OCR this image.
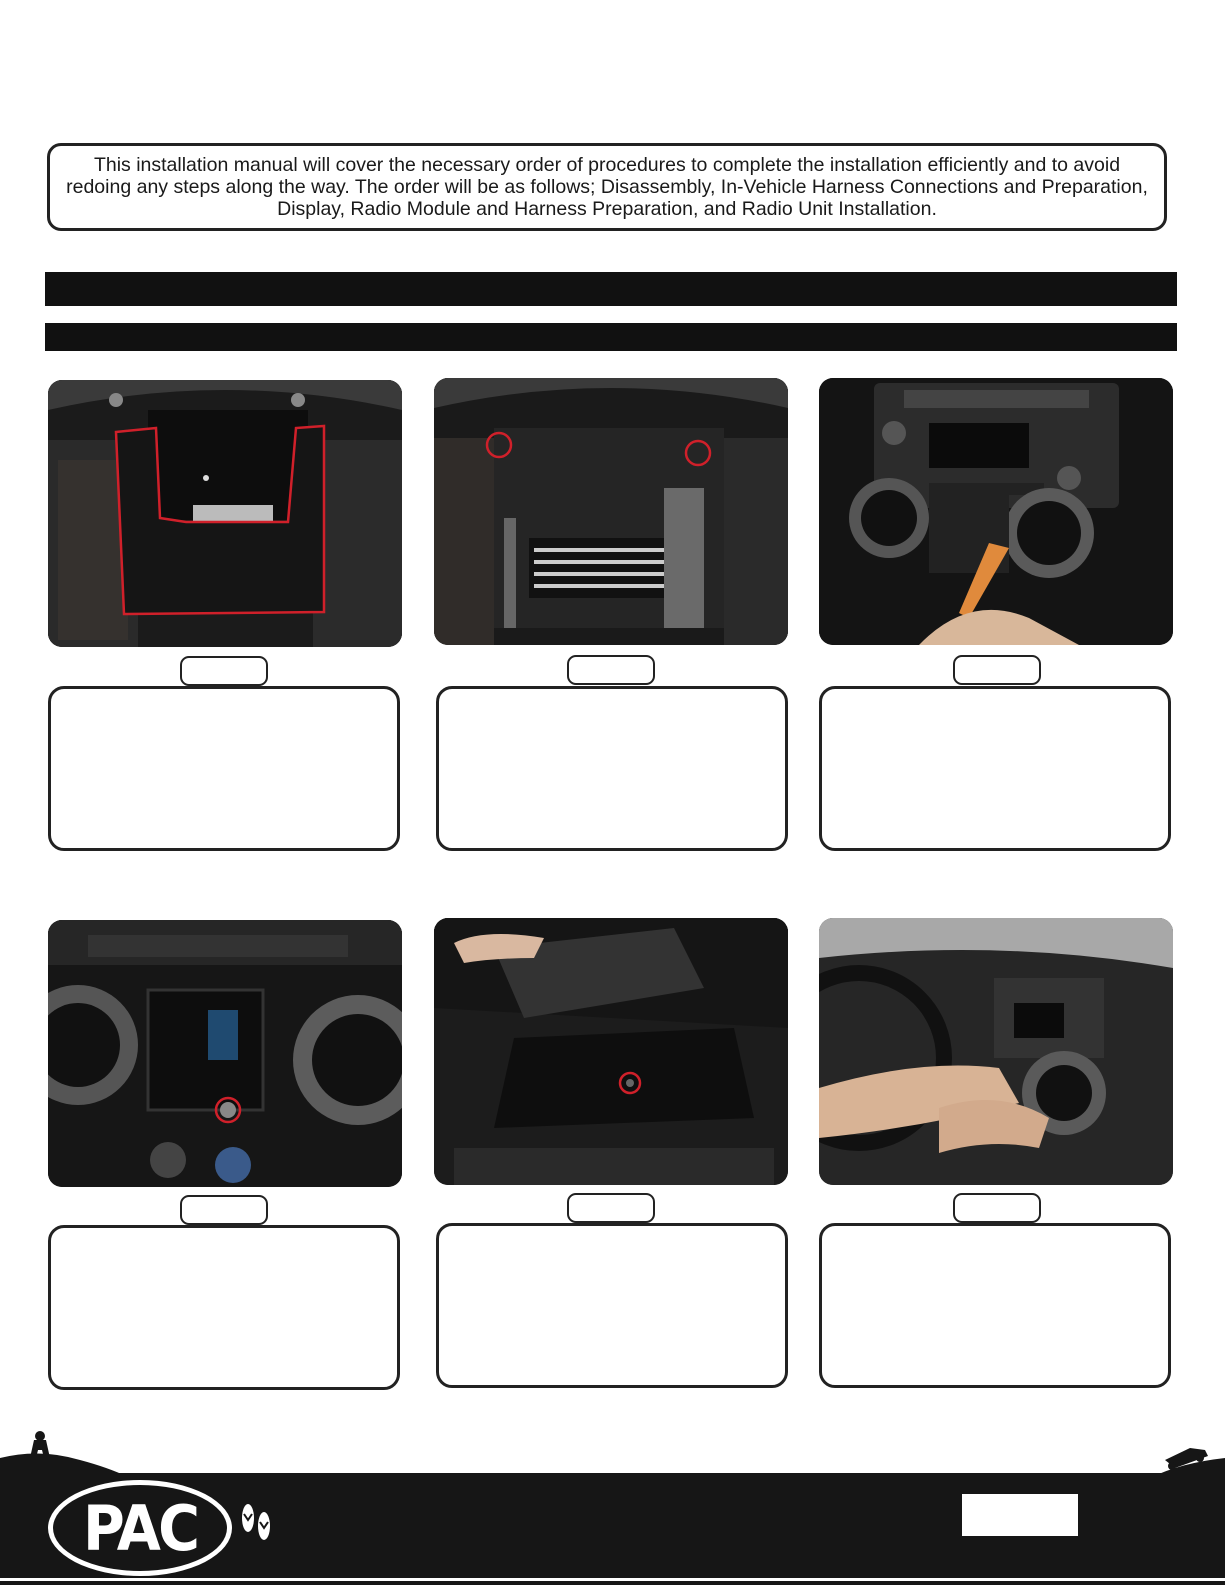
This installation manual will cover the necessary order of procedures to complete the installation efficiently and to avoid redoing any steps along the way. The order will be as follows; Disassembly, In-Vehicle Harness Connections and Preparation, Display, Radio Module and Harness Preparation, and Radio Unit Installation.
PAC
